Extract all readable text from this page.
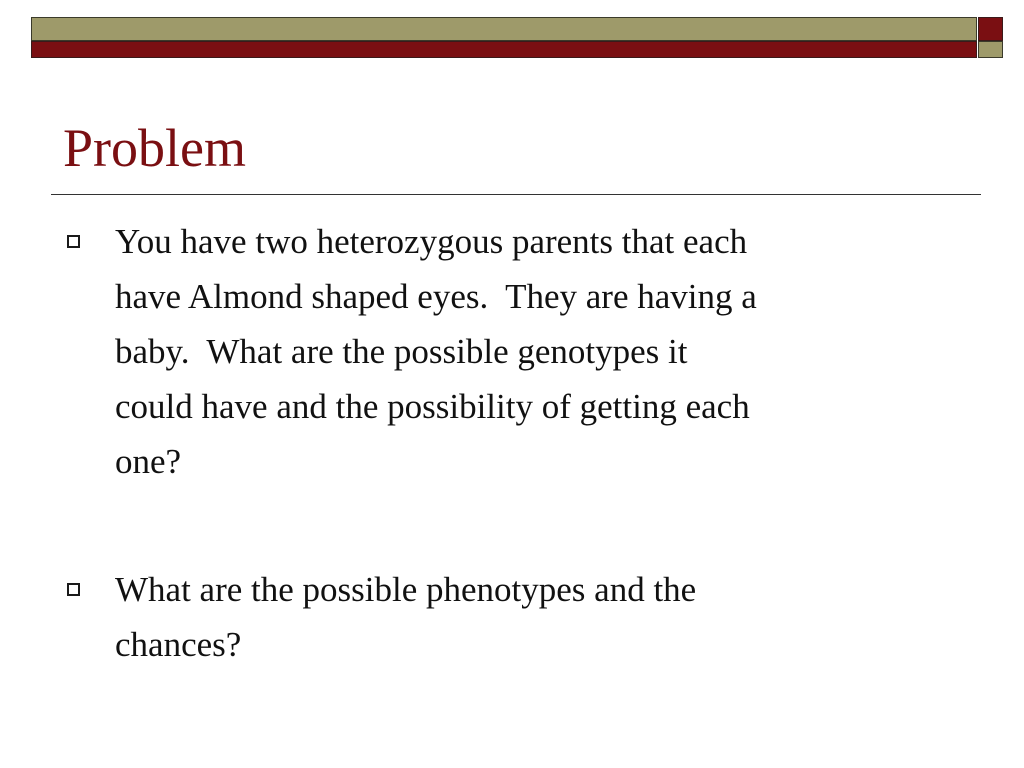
Problem
You have two heterozygous parents that each
have Almond shaped eyes.  They are having a
baby.  What are the possible genotypes it
could have and the possibility of getting each
one?
What are the possible phenotypes and the
chances?
